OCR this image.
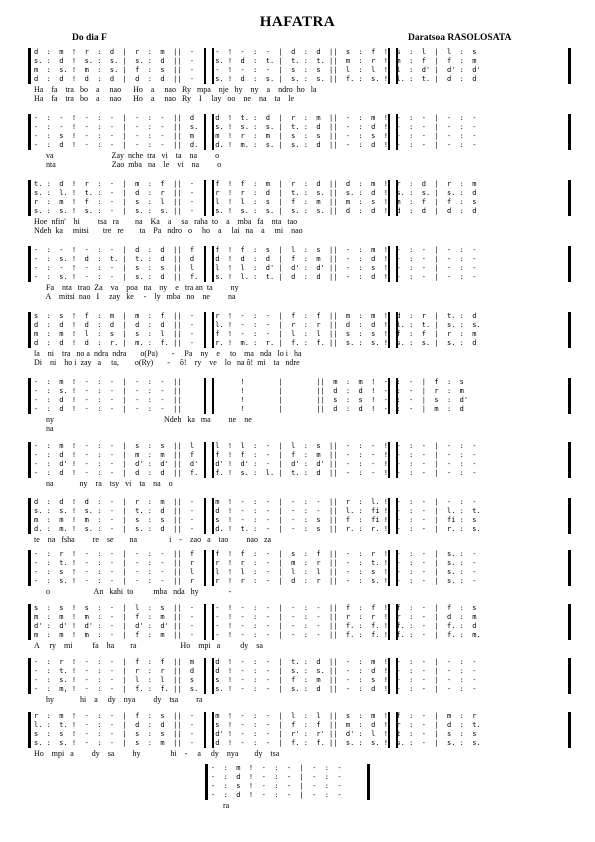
HAFATRA
Do dia F	Daratsoa RASOLOSATA
d  :  m  !  r  :  d  |  r  :  m  ||  -  :  -  !  -  :  -  |  d  :  d  ||  s  :  f  !  s  :  l  |  l  :  s
s. :  d  !  s. :  s. |  s. :  d  ||  -  :  s. !  d  :  t. |  t. :  t. ||  m  :  r  !  m  :  f  |  f  :  m
m  :  s. !  m  :  s. |  f  :  s  ||  -  :  -  !  -  :  -  |  s  :  s  ||  l  :  l  !  l  :  d' |  d' :  d'
d  :  d  !  d  :  d  |  d  :  d  ||  -  :  s. !  d  :  s. |  s. :  s. ||  f. :  s. !  l. :  t. |  d  :  d
Ha    fa    tra   bo    a     nao      Ho    a     nao   Ry   mpa    nje   hy    ny    a    ndro  ho   la
Ha    fa    tra   bo    a     nao      Ho    a     nao   Ry    I     lay   oo    ne    na    ta    le
-  :  -  !  -  :  -  |  -  :  -  ||  d  :  d  !  t. :  d  |  r  :  m  ||  -  :  m  !  -  :  -  |  -  :  -
-  :  -  !  -  :  -  |  -  :  -  ||  s. :  s. !  s. :  s. |  t. :  d  ||  -  :  d  !  -  :  -  |  -  :  -
-  :  s  !  -  :  -  |  -  :  -  ||  m  :  m  !  r  :  m  |  s  :  s  ||  -  :  s  !  -  :  -  |  -  :  -
-  :  d  !  -  :  -  |  -  :  -  ||  d. :  d. !  m. :  s. |  s. :  d  ||  -  :  d  !  -  :  -  |  -  :  -
va                             Zay  nche  tra   vi    ta    na         o
nta                            Zao  mba   na    le    vi    na         o
t. :  d  !  r  :  -  |  m  :  f  ||  -  :  f  !  f  :  m  |  r  :  d  ||  d  :  m  !  r  :  d  |  r  :  m
s. :  l. !  t. :  -  |  d  :  r  ||  -  :  r  !  r  :  d  |  t. :  s. ||  s. :  d  !  s. :  s. |  s. :  d
r  :  m  !  f  :  -  |  s  :  l  ||  -  :  l  !  l  :  s  |  f  :  m  ||  m  :  s  !  m  :  f  |  f  :  s
s. :  s. !  s. :  -  |  s. :  s. ||  -  :  s. !  s. :  s. |  s. :  s. ||  d  :  d  !  d  :  d  |  d  :  d
Hoe  nfin'    hi         tsa   ra        na    Ka    a     sa   raha  to    a    mba   fa    nta   tao
Ndeh  ka     mitsi       tre   re        ta    Pa   ndro   o     ho    a     lai   na    a     mi    nao
-  :  -  !  -  :  -  |  d  :  d  ||  f  :  f  !  f  :  s  |  l  :  s  ||  -  :  m  !  -  :  -  |  -  :  -
-  :  s. !  d  :  t. |  t. :  d  ||  d  :  d  !  d  :  d  |  f  :  m  ||  -  :  d  !  -  :  -  |  -  :  -
-  :  -  !  -  :  -  |  s  :  s  ||  l  :  l  !  l  :  d' |  d' :  d' ||  -  :  s  !  -  :  -  |  -  :  -
-  :  s. !  -  :  -  |  s. :  d  ||  f. :  s. !  l. :  t. |  d  :  d  ||  -  :  d  !  -  :  -  |  -  :  -
Fa    nta   trao  Za    va    poa   na    ny    e   tra an  ta         ny
A    mitsi  nao   I     zay   ke     -    ly   mba   no    ne         na
s  :  s  !  f  :  m  |  m  :  f  ||  -  :  r  !  -  :  -  |  f  :  f  ||  m  :  m  !  d  :  r  |  t. :  d
d  :  d  !  d  :  d  |  d  :  d  ||  -  :  l. !  -  :  -  |  r  :  r  ||  d  :  d  !  l. :  t. |  s. :  s.
m  :  m  !  l  :  s  |  s  :  l  ||  -  :  f  !  -  :  -  |  l  :  l  ||  s  :  s  !  f  :  f  |  r  :  m
d  :  d  !  d  :  r. |  m. :  f. ||  -  :  r. !  m. :  r. |  f. :  f. ||  s. :  s. !  s. :  s. |  s. :  d
la    ni    tra   no a  ndra  ndra       o(Pa)       -     Pa    ny    e     to    ma   nda   lo i   ha
Di    ni    ho i  zay   a     ta,        o(Ry)       -     ô!    ry    ve    lo   na ô!  mi    ta   ndre
-  :  m  !  -  :  -  |  -  :  -  ||              !        |        ||  m  :  m  !  -  :  -  |  f  :  s
-  :  s. !  -  :  -  |  -  :  -  ||              !        |        ||  d  :  d  !  -  :  -  |  r  :  m
-  :  d  !  -  :  -  |  -  :  -  ||              !        |        ||  s  :  s  !  -  :  -  |  s  :  d'
-  :  d  !  -  :  -  |  -  :  -  ||              !        |        ||  d  :  d  !  -  :  -  |  m  :  d
ny                                                       Ndeh   ka   ma         ne    ne
na
-  :  m  !  -  :  -  |  s  :  s  ||  l  :  l  !  l  :  -  |  l  :  s  ||  -  :  -  !  -  :  -  |  -  :  -
-  :  d  !  -  :  -  |  m  :  m  ||  f  :  f  !  f  :  -  |  f  :  m  ||  -  :  -  !  -  :  -  |  -  :  -
-  :  d' !  -  :  -  |  d' :  d' ||  d' :  d' !  d' :  -  |  d' :  d' ||  -  :  -  !  -  :  -  |  -  :  -
-  :  d  !  -  :  -  |  d  :  d  ||  f. :  f. !  s. :  l. |  t. :  d  ||  -  :  -  !  -  :  -  |  -  :  -
na             ny    ra    tsy   vi    ta    na    o
d  :  d  !  d  :  -  |  r  :  m  ||  -  :  m  !  -  :  -  |  -  :  -  ||  r  :  l. !  -  :  -  |  -  :  -
s. :  s. !  s. :  -  |  t. :  d  ||  -  :  d  !  -  :  -  |  -  :  -  ||  l. :  fi !  -  :  -  |  l. :  t.
m  :  m  !  m  :  -  |  s  :  s  ||  -  :  s  !  -  :  -  |  -  :  s  ||  f  :  fi !  -  :  -  |  fi :  s
d. :  m. !  s. :  -  |  s. :  d  ||  -  :  d. !  t. :  -  |  -  :  s  ||  r. :  r. !  -  :  -  |  r. :  s.
te    na   fsha         re    se        na                i    -    zao   a    tao         nao   za
-  :  r  !  -  :  -  |  -  :  -  ||  f  :  f  !  f  :  -  |  s  :  f  ||  -  :  r  !  -  :  -  |  s. :  -
-  :  t. !  -  :  -  |  -  :  -  ||  r  :  r  !  r  :  -  |  m  :  r  ||  -  :  t. !  -  :  -  |  s. :  -
-  :  s  !  -  :  -  |  -  :  -  ||  l  :  l  !  l  :  -  |  l  :  l  ||  -  :  s  !  -  :  -  |  s. :  -
-  :  s. !  -  :  -  |  -  :  -  ||  r  :  r  !  r  :  -  |  d  :  r  ||  -  :  s. !  -  :  -  |  s. :  -
o                      An   kahi  to          mba   nda   hy               -
s  :  s  !  s  :  -  |  l  :  s  ||  -  :  -  !  -  :  -  |  -  :  -  ||  f  :  f  !  f  :  -  |  f  :  s
m  :  m  !  m  :  -  |  f  :  m  ||  -  :  -  !  -  :  -  |  -  :  -  ||  r  :  r  !  r  :  -  |  d  :  m
d' :  d' !  d' :  -  |  d' :  d' ||  -  :  -  !  -  :  -  |  -  :  -  ||  f. :  f. !  f. :  -  |  f. :  d
m  :  m  !  m  :  -  |  f  :  m  ||  -  :  -  !  -  :  -  |  -  :  -  ||  f. :  f. !  f. :  -  |  f. :  m.
A     ry    mi          fa    ha        ra                      Ho    mpi   a          dy    sa
-  :  r  !  -  :  -  |  f  :  f  ||  m  :  d  !  -  :  -  |  t. :  d  ||  -  :  m  !  -  :  -  |  -  :  -
-  :  t. !  -  :  -  |  r  :  r  ||  d  :  d  !  -  :  -  |  s. :  s. ||  -  :  d  !  -  :  -  |  -  :  -
-  :  s. !  -  :  -  |  l  :  l  ||  s  :  s  !  -  :  -  |  f  :  m  ||  -  :  s  !  -  :  -  |  -  :  -
-  :  m, !  -  :  -  |  f. :  f. ||  s. :  s. !  -  :  -  |  s. :  d  ||  -  :  d  !  -  :  -  |  -  :  -
hy             hi    a     dy    nya         dy    tsa         ra
r  :  m  !  -  :  -  |  f  :  s  ||  -  :  m  !  -  :  -  |  l  :  l  ||  s  :  m  !  f  :  -  |  m  :  r
l. :  t. !  -  :  -  |  d  :  d  ||  -  :  s  !  -  :  -  |  f  :  f  ||  m  :  d  !  r  :  -  |  d  :  t.
s  :  s  !  -  :  -  |  s  :  s  ||  -  :  d' !  -  :  -  |  r' :  r' ||  d' :  l  !  t  :  -  |  s  :  s
s. :  s. !  -  :  -  |  s  :  m  ||  -  :  d  !  -  :  -  |  f. :  f. ||  s. :  s. !  s. :  -  |  s. :  s.
Ho    mpi   a         dy    sa         hy               hi    -     a     dy    nya        dy    tsa
-  :  m  !  -  :  -  |  -  :  -
-  :  d  !  -  :  -  |  -  :  -
-  :  s  !  -  :  -  |  -  :  -
-  :  d  !  -  :  -  |  -  :  -
ra
